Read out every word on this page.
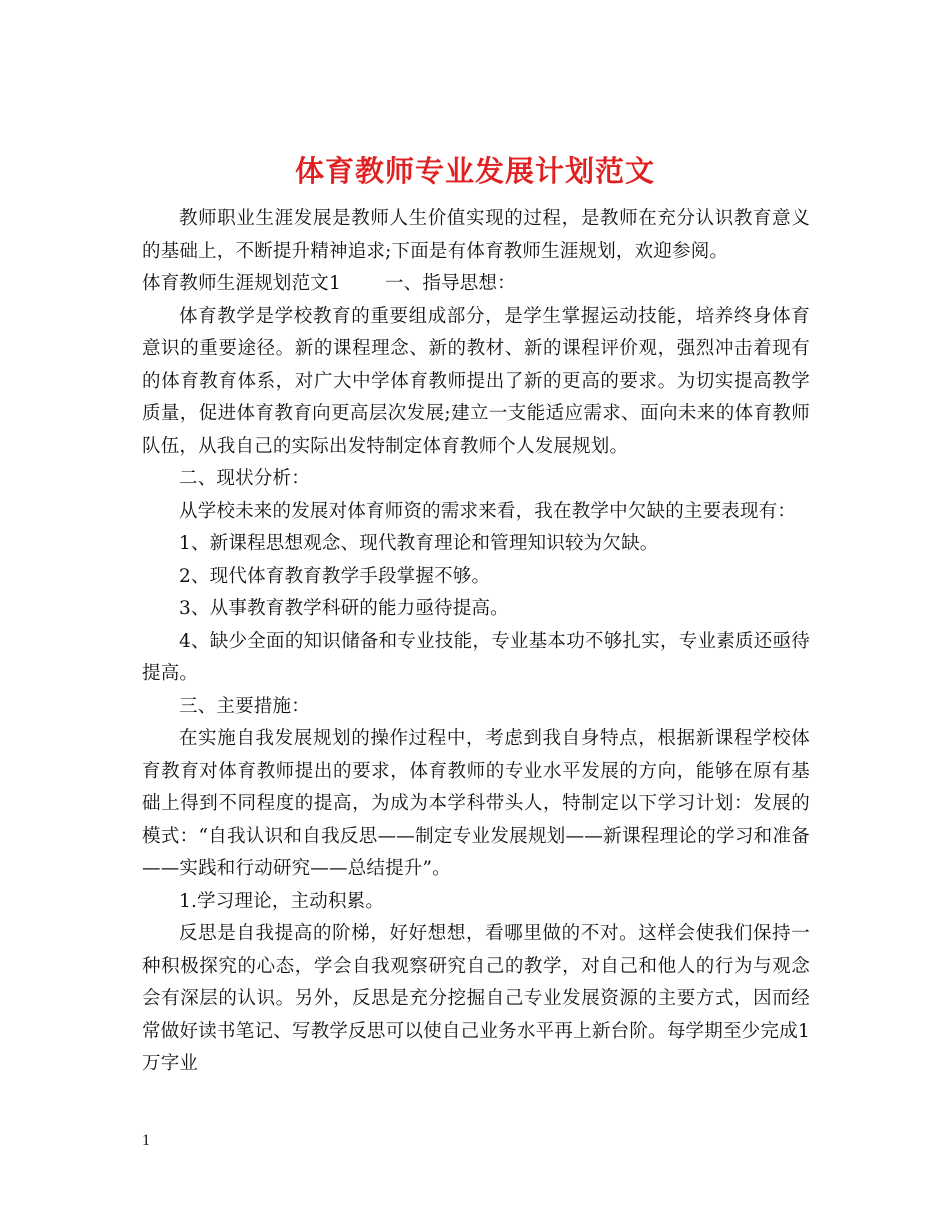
体育教师专业发展计划范文

教师职业生涯发展是教师人生价值实现的过程，是教师在充分认识教育意义的基础上，不断提升精神追求;下面是有体育教师生涯规划，欢迎参阅。

体育教师生涯规划范文1 一、指导思想：

体育教学是学校教育的重要组成部分，是学生掌握运动技能，培养终身体育意识的重要途径。新的课程理念、新的教材、新的课程评价观，强烈冲击着现有的体育教育体系，对广大中学体育教师提出了新的更高的要求。为切实提高教学质量，促进体育教育向更高层次发展;建立一支能适应需求、面向未来的体育教师队伍，从我自己的实际出发特制定体育教师个人发展规划。

二、现状分析：

从学校未来的发展对体育师资的需求来看，我在教学中欠缺的主要表现有：

1、新课程思想观念、现代教育理论和管理知识较为欠缺。

2、现代体育教育教学手段掌握不够。

3、从事教育教学科研的能力亟待提高。

4、缺少全面的知识储备和专业技能，专业基本功不够扎实，专业素质还亟待提高。

三、主要措施：

在实施自我发展规划的操作过程中，考虑到我自身特点，根据新课程学校体育教育对体育教师提出的要求，体育教师的专业水平发展的方向，能够在原有基础上得到不同程度的提高，为成为本学科带头人，特制定以下学习计划：发展的模式：“自我认识和自我反思——制定专业发展规划——新课程理论的学习和准备——实践和行动研究——总结提升”。

1.学习理论，主动积累。

反思是自我提高的阶梯，好好想想，看哪里做的不对。这样会使我们保持一种积极探究的心态，学会自我观察研究自己的教学，对自己和他人的行为与观念会有深层的认识。另外，反思是充分挖掘自己专业发展资源的主要方式，因而经常做好读书笔记、写教学反思可以使自己业务水平再上新台阶。每学期至少完成1万字业

1
